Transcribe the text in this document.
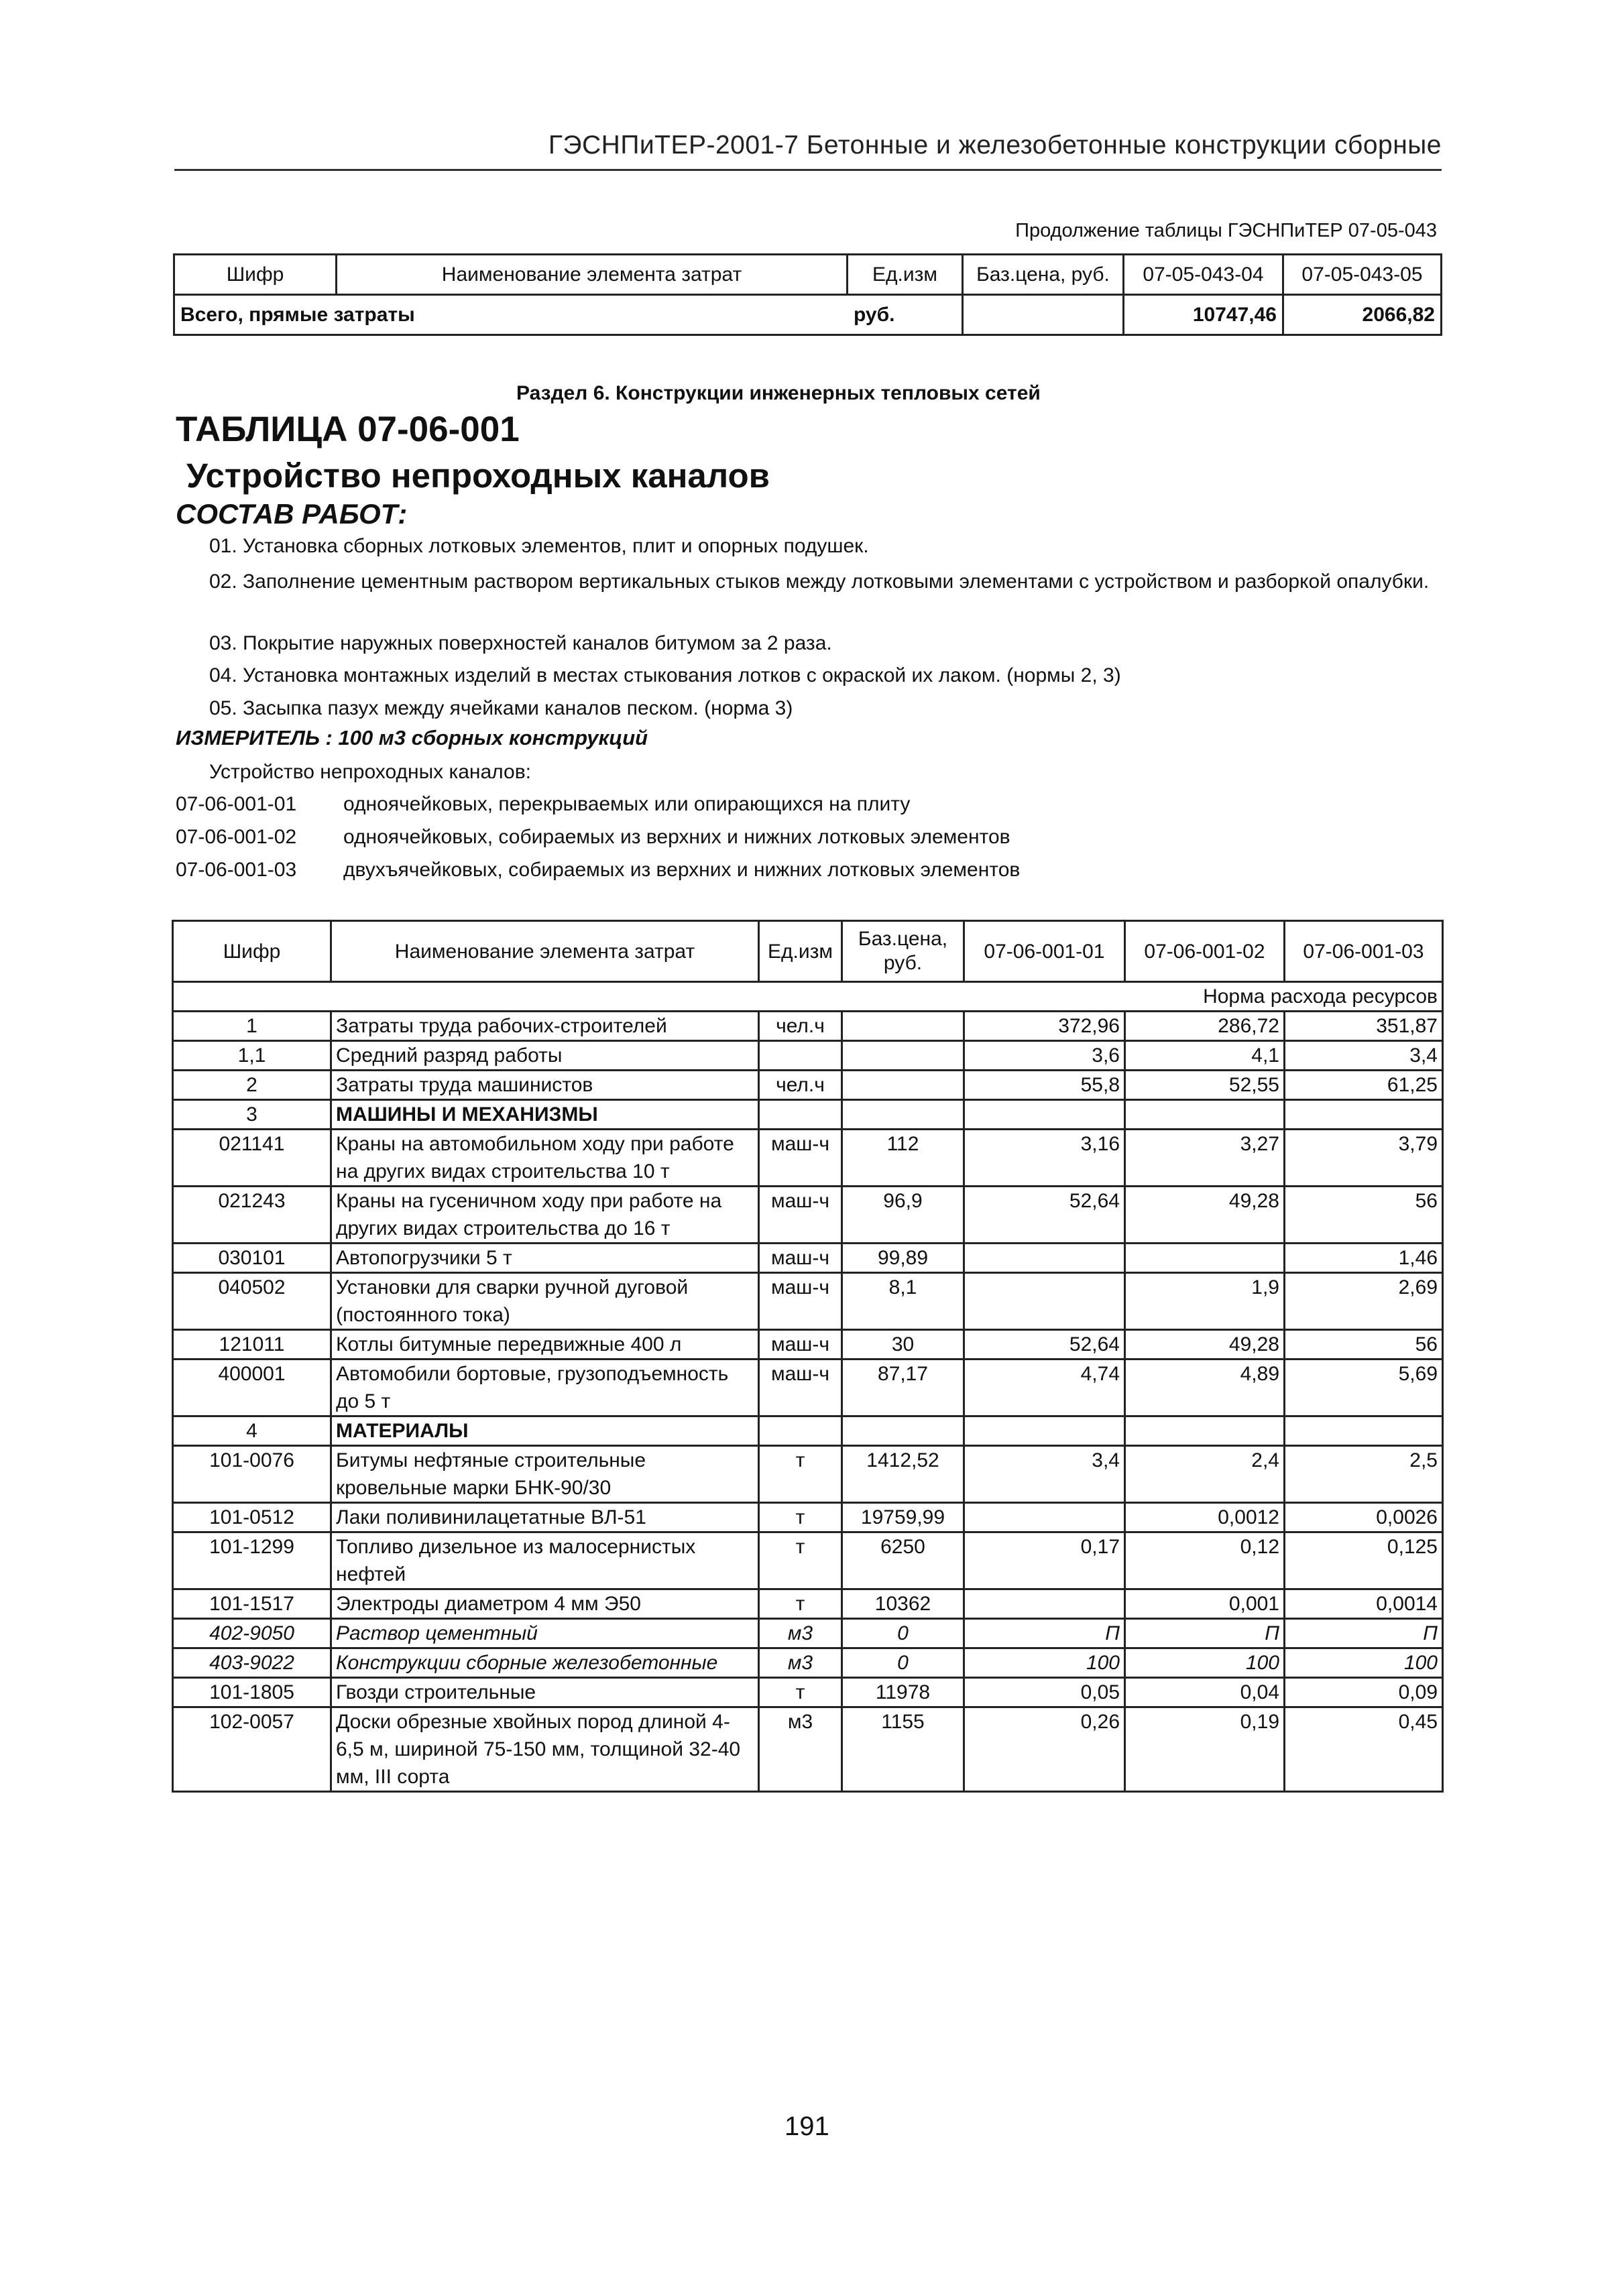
ГЭСНПиТЕР-2001-7 Бетонные и железобетонные конструкции сборные
Продолжение таблицы ГЭСНПиТЕР 07-05-043
Шифр	Наименование элемента затрат	Ед.изм	Баз.цена, руб.	07-05-043-04	07-05-043-05
Всего, прямые затраты		руб.		10747,46	2066,82
Раздел 6. Конструкции инженерных тепловых сетей
ТАБЛИЦА 07-06-001
Устройство непроходных каналов
СОСТАВ РАБОТ:
01. Установка сборных лотковых элементов, плит и опорных подушек.
02. Заполнение цементным раствором вертикальных стыков между лотковыми элементами с устройством и разборкой опалубки.
03. Покрытие наружных поверхностей каналов битумом за 2 раза.
04. Установка монтажных изделий в местах стыкования лотков с окраской их лаком. (нормы 2, 3)
05. Засыпка пазух между ячейками каналов песком. (норма 3)
ИЗМЕРИТЕЛЬ : 100 м3 сборных конструкций
Устройство непроходных каналов:
07-06-001-01 одноячейковых, перекрываемых или опирающихся на плиту
07-06-001-02 одноячейковых, собираемых из верхних и нижних лотковых элементов
07-06-001-03 двухъячейковых, собираемых из верхних и нижних лотковых элементов
Шифр	Наименование элемента затрат	Ед.изм	Баз.цена, руб.	07-06-001-01	07-06-001-02	07-06-001-03
Норма расхода ресурсов						
1	Затраты труда рабочих-строителей	чел.ч		372,96	286,72	351,87
1,1	Средний разряд работы			3,6	4,1	3,4
2	Затраты труда машинистов	чел.ч		55,8	52,55	61,25
3	МАШИНЫ И МЕХАНИЗМЫ					
021141	Краны на автомобильном ходу при работе на других видах строительства 10 т	маш-ч	112	3,16	3,27	3,79
021243	Краны на гусеничном ходу при работе на других видах строительства до 16 т	маш-ч	96,9	52,64	49,28	56
030101	Автопогрузчики 5 т	маш-ч	99,89			1,46
040502	Установки для сварки ручной дуговой (постоянного тока)	маш-ч	8,1		1,9	2,69
121011	Котлы битумные передвижные 400 л	маш-ч	30	52,64	49,28	56
400001	Автомобили бортовые, грузоподъемность до 5 т	маш-ч	87,17	4,74	4,89	5,69
4	МАТЕРИАЛЫ					
101-0076	Битумы нефтяные строительные кровельные марки БНК-90/30	т	1412,52	3,4	2,4	2,5
101-0512	Лаки поливинилацетатные ВЛ-51	т	19759,99		0,0012	0,0026
101-1299	Топливо дизельное из малосернистых нефтей	т	6250	0,17	0,12	0,125
101-1517	Электроды диаметром 4 мм Э50	т	10362		0,001	0,0014
402-9050	Раствор цементный	м3	0	П	П	П
403-9022	Конструкции сборные железобетонные	м3	0	100	100	100
101-1805	Гвозди строительные	т	11978	0,05	0,04	0,09
102-0057	Доски обрезные хвойных пород длиной 4-6,5 м, шириной 75-150 мм, толщиной 32-40 мм, III сорта	м3	1155	0,26	0,19	0,45
191
